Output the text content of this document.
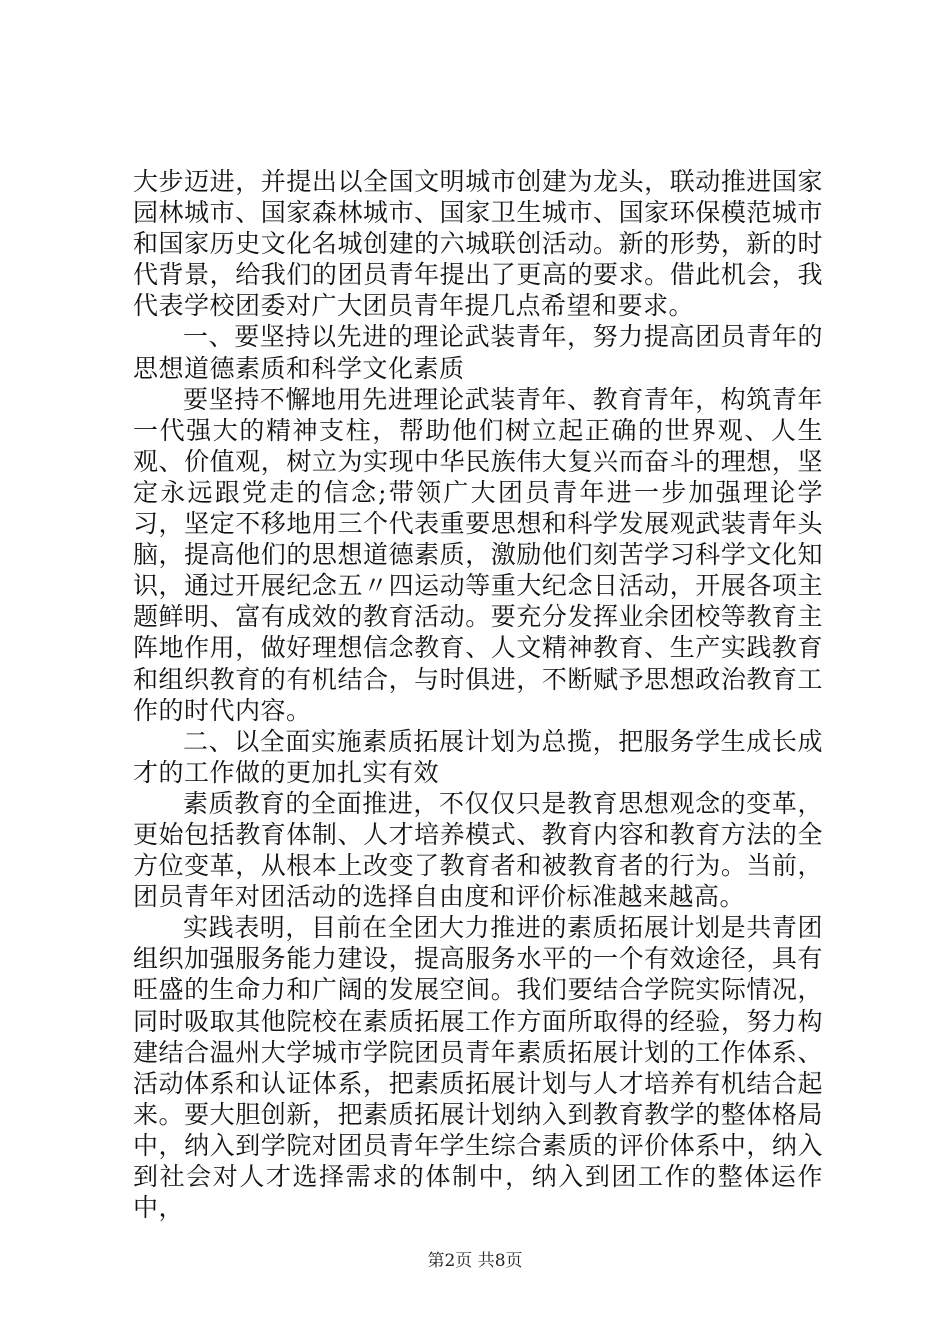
大步迈进，并提出以全国文明城市创建为龙头，联动推进国家园林城市、国家森林城市、国家卫生城市、国家环保模范城市和国家历史文化名城创建的六城联创活动。新的形势，新的时代背景，给我们的团员青年提出了更高的要求。借此机会，我代表学校团委对广大团员青年提几点希望和要求。

一、要坚持以先进的理论武装青年，努力提高团员青年的思想道德素质和科学文化素质

要坚持不懈地用先进理论武装青年、教育青年，构筑青年一代强大的精神支柱，帮助他们树立起正确的世界观、人生观、价值观，树立为实现中华民族伟大复兴而奋斗的理想，坚定永远跟党走的信念;带领广大团员青年进一步加强理论学习，坚定不移地用三个代表重要思想和科学发展观武装青年头脑，提高他们的思想道德素质，激励他们刻苦学习科学文化知识，通过开展纪念五〃四运动等重大纪念日活动，开展各项主题鲜明、富有成效的教育活动。要充分发挥业余团校等教育主阵地作用，做好理想信念教育、人文精神教育、生产实践教育和组织教育的有机结合，与时俱进，不断赋予思想政治教育工作的时代内容。

二、以全面实施素质拓展计划为总揽，把服务学生成长成才的工作做的更加扎实有效

素质教育的全面推进，不仅仅只是教育思想观念的变革，更始包括教育体制、人才培养模式、教育内容和教育方法的全方位变革，从根本上改变了教育者和被教育者的行为。当前，团员青年对团活动的选择自由度和评价标准越来越高。

实践表明，目前在全团大力推进的素质拓展计划是共青团组织加强服务能力建设，提高服务水平的一个有效途径，具有旺盛的生命力和广阔的发展空间。我们要结合学院实际情况，同时吸取其他院校在素质拓展工作方面所取得的经验，努力构建结合温州大学城市学院团员青年素质拓展计划的工作体系、活动体系和认证体系，把素质拓展计划与人才培养有机结合起来。要大胆创新，把素质拓展计划纳入到教育教学的整体格局中，纳入到学院对团员青年学生综合素质的评价体系中，纳入到社会对人才选择需求的体制中，纳入到团工作的整体运作中，

第2页 共8页
